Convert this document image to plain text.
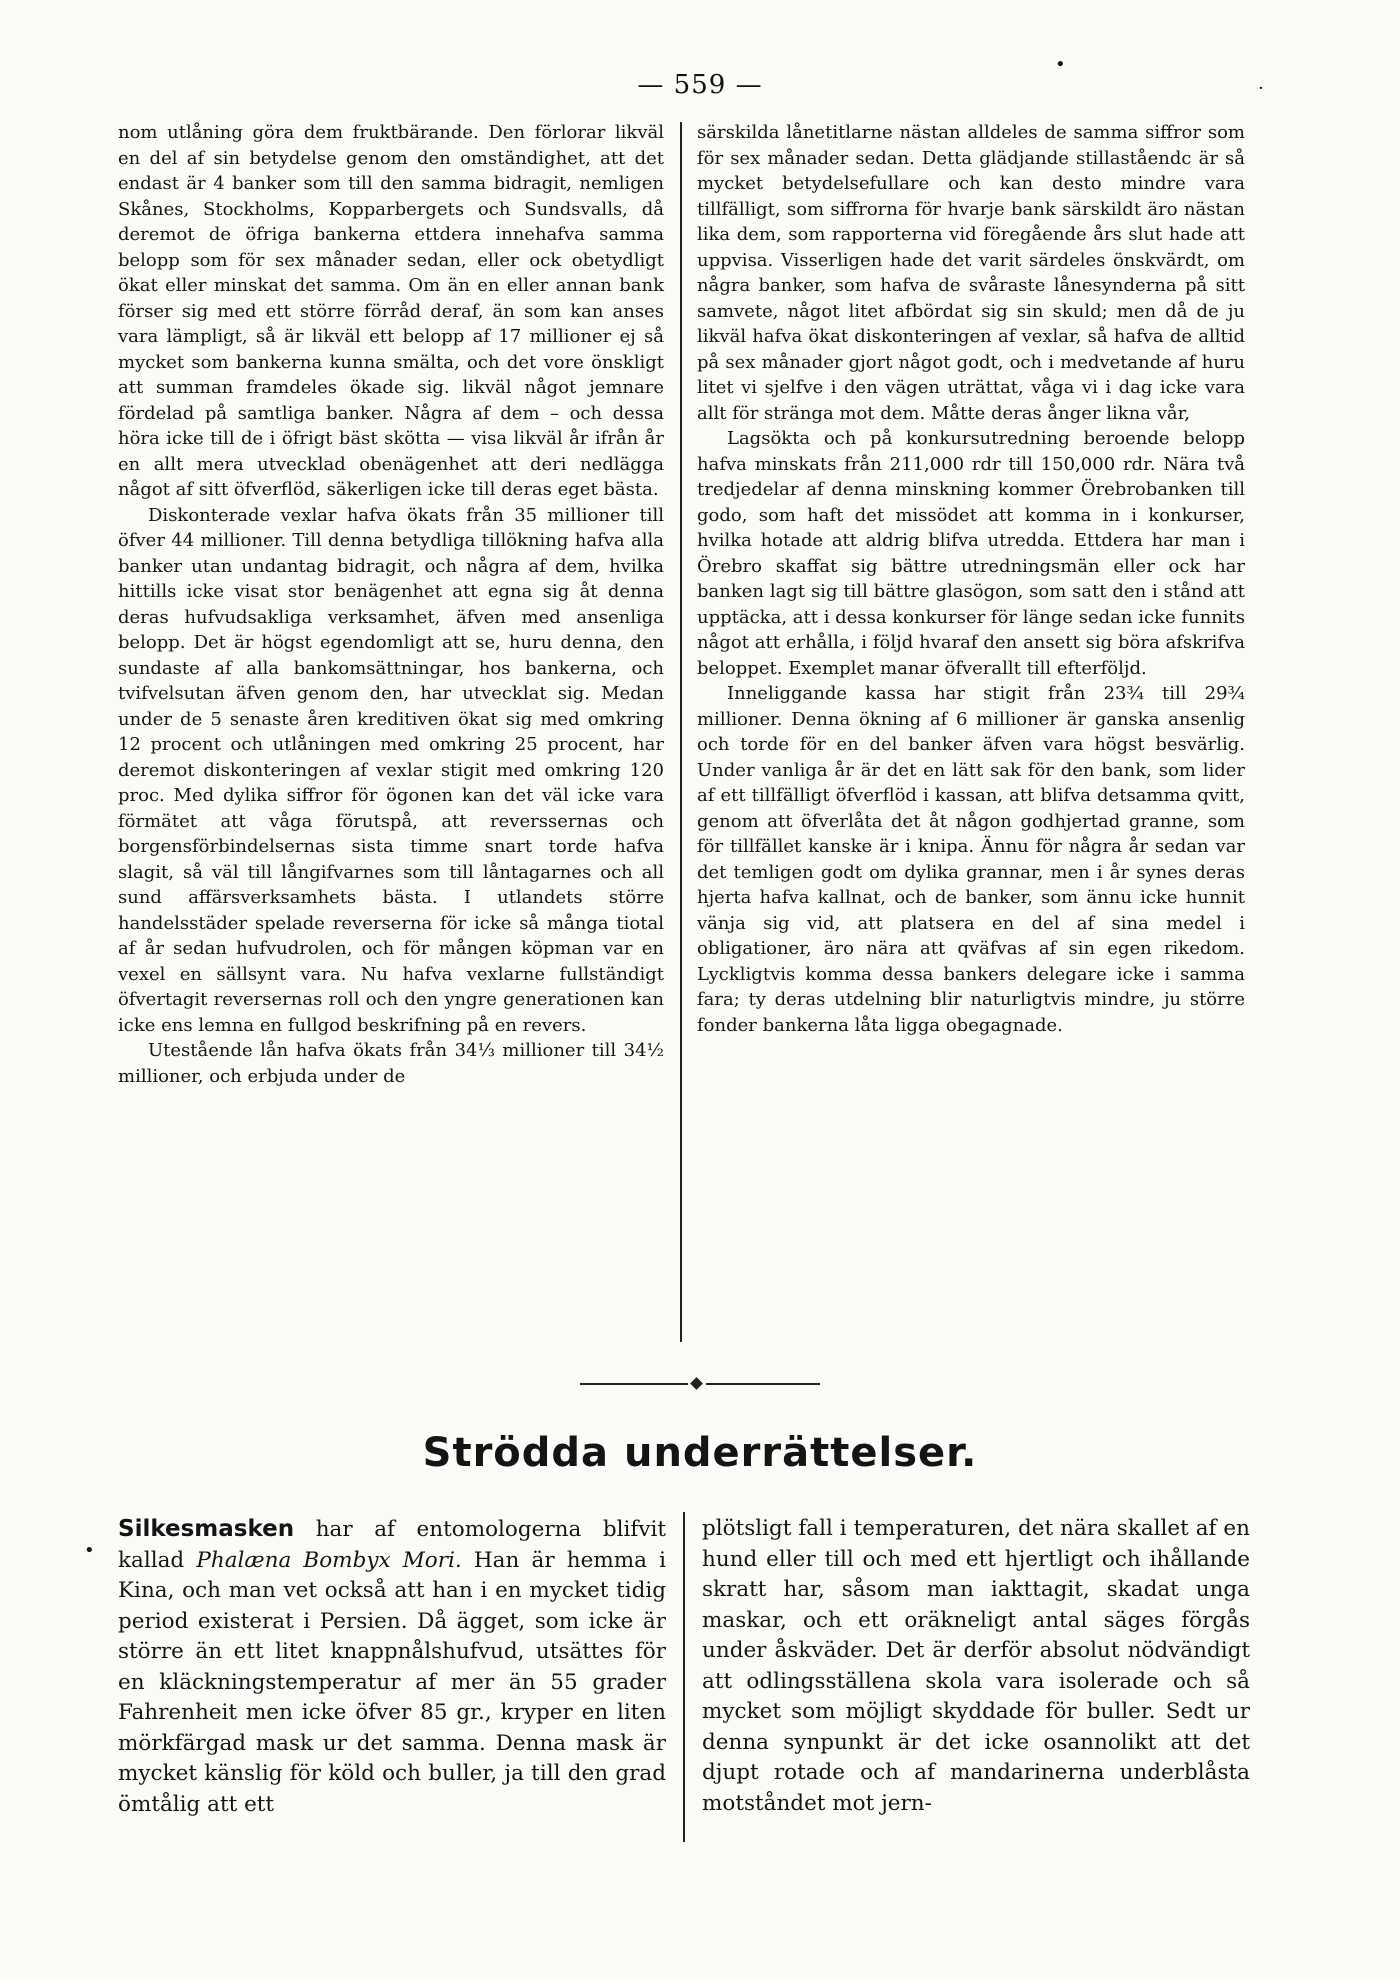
— 559 —
•
·
•

nom utlåning göra dem fruktbärande. Den förlorar likväl en del af sin betydelse genom den omständighet, att det endast är 4 banker som till den samma bidragit, nemligen Skånes, Stockholms, Kopparbergets och Sundsvalls, då deremot de öfriga bankerna ettdera innehafva samma belopp som för sex månader sedan, eller ock obetydligt ökat eller minskat det samma. Om än en eller annan bank förser sig med ett större förråd deraf, än som kan anses vara lämpligt, så är likväl ett belopp af 17 millioner ej så mycket som bankerna kunna smälta, och det vore önskligt att summan framdeles ökade sig. likväl något jemnare fördelad på samtliga banker. Några af dem – och dessa höra icke till de i öfrigt bäst skötta — visa likväl år ifrån år en allt mera utvecklad obenägenhet att deri nedlägga något af sitt öfverflöd, säkerligen icke till deras eget bästa.

Diskonterade vexlar hafva ökats från 35 millioner till öfver 44 millioner. Till denna betydliga tillökning hafva alla banker utan undantag bidragit, och några af dem, hvilka hittills icke visat stor benägenhet att egna sig åt denna deras hufvudsakliga verksamhet, äfven med ansenliga belopp. Det är högst egendomligt att se, huru denna, den sundaste af alla bankomsättningar, hos bankerna, och tvifvelsutan äfven genom den, har utvecklat sig. Medan under de 5 senaste åren kreditiven ökat sig med omkring 12 procent och utlåningen med omkring 25 procent, har deremot diskonteringen af vexlar stigit med omkring 120 proc. Med dylika siffror för ögonen kan det väl icke vara förmätet att våga förutspå, att reverssernas och borgensförbindelsernas sista timme snart torde hafva slagit, så väl till långifvarnes som till låntagarnes och all sund affärsverksamhets bästa. I utlandets större handelsstäder spelade reverserna för icke så många tiotal af år sedan hufvudrolen, och för mången köpman var en vexel en sällsynt vara. Nu hafva vexlarne fullständigt öfvertagit reversernas roll och den yngre generationen kan icke ens lemna en fullgod beskrifning på en revers.

Utestående lån hafva ökats från 34⅓ millioner till 34½ millioner, och erbjuda under de

särskilda lånetitlarne nästan alldeles de samma siffror som för sex månader sedan. Detta glädjande stillaståendc är så mycket betydelsefullare och kan desto mindre vara tillfälligt, som siffrorna för hvarje bank särskildt äro nästan lika dem, som rapporterna vid föregående års slut hade att uppvisa. Visserligen hade det varit särdeles önskvärdt, om några banker, som hafva de svåraste lånesynderna på sitt samvete, något litet afbördat sig sin skuld; men då de ju likväl hafva ökat diskonteringen af vexlar, så hafva de alltid på sex månader gjort något godt, och i medvetande af huru litet vi sjelfve i den vägen uträttat, våga vi i dag icke vara allt för stränga mot dem. Måtte deras ånger likna vår,

Lagsökta och på konkursutredning beroende belopp hafva minskats från 211,000 rdr till 150,000 rdr. Nära två tredjedelar af denna minskning kommer Örebrobanken till godo, som haft det missödet att komma in i konkurser, hvilka hotade att aldrig blifva utredda. Ettdera har man i Örebro skaffat sig bättre utredningsmän eller ock har banken lagt sig till bättre glasögon, som satt den i stånd att upptäcka, att i dessa konkurser för länge sedan icke funnits något att erhålla, i följd hvaraf den ansett sig böra afskrifva beloppet. Exemplet manar öfverallt till efterföljd.

Inneliggande kassa har stigit från 23¾ till 29¾ millioner. Denna ökning af 6 millioner är ganska ansenlig och torde för en del banker äfven vara högst besvärlig. Under vanliga år är det en lätt sak för den bank, som lider af ett tillfälligt öfverflöd i kassan, att blifva detsamma qvitt, genom att öfverlåta det åt någon godhjertad granne, som för tillfället kanske är i knipa. Ännu för några år sedan var det temligen godt om dylika grannar, men i år synes deras hjerta hafva kallnat, och de banker, som ännu icke hunnit vänja sig vid, att platsera en del af sina medel i obligationer, äro nära att qväfvas af sin egen rikedom. Lyckligtvis komma dessa bankers delegare icke i samma fara; ty deras utdelning blir naturligtvis mindre, ju större fonder bankerna låta ligga obegagnade.

Strödda underrättelser.

Silkesmasken har af entomologerna blifvit kallad Phalæna Bombyx Mori. Han är hemma i Kina, och man vet också att han i en mycket tidig period existerat i Persien. Då ägget, som icke är större än ett litet knappnålshufvud, utsättes för en kläckningstemperatur af mer än 55 grader Fahrenheit men icke öfver 85 gr., kryper en liten mörkfärgad mask ur det samma. Denna mask är mycket känslig för köld och buller, ja till den grad ömtålig att ett

plötsligt fall i temperaturen, det nära skallet af en hund eller till och med ett hjertligt och ihållande skratt har, såsom man iakttagit, skadat unga maskar, och ett oräkneligt antal säges förgås under åskväder. Det är derför absolut nödvändigt att odlingsställena skola vara isolerade och så mycket som möjligt skyddade för buller. Sedt ur denna synpunkt är det icke osannolikt att det djupt rotade och af mandarinerna underblåsta motståndet mot jern-
